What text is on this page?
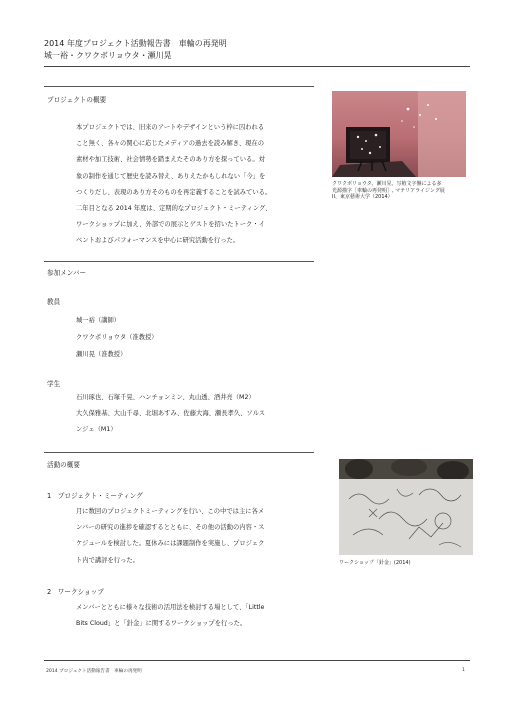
2014 年度プロジェクト活動報告書　車輪の再発明
城一裕・クワクボリョウタ・瀬川晃
プロジェクトの概要
本プロジェクトでは、旧来のアートやデザインという枠に囚われる
こと無く、各々の関心に応じたメディアの過去を読み解き、現在の
素材や加工技術、社会情勢を踏まえたそのあり方を探っている。対
象の制作を通じて歴史を読み替え、ありえたかもしれない「今」を
つくりだし、表現のあり方そのものを再定義することを試みている。
二年目となる 2014 年度は、定期的なプロジェクト・ミーティング、
ワークショップに加え、外部での展示とゲストを招いたトーク・イ
ベントおよびパフォーマンスを中心に研究活動を行った。
クワクボリョウタ、瀬川晃、写植文字盤による多
光源描字［車輪の再発明］, マテリアライジング展
II、東京藝術大学（2014）
参加メンバー
教員
城一裕（講師）
クワクボリョウタ（准教授）
瀬川晃（准教授）
学生
石川琢也、石塚千晃、ハンチョンミン、丸山透、酒井亮（M2）
大久保雅基、大山千尋、北堀あすみ、佐藤大海、瀬長孝久、ソルス
ンジェ（M1）
活動の概要
1　プロジェクト・ミーティング
月に数回のプロジェクトミーティングを行い、この中では主に各メ
ンバーの研究の進捗を確認するとともに、その他の活動の内容・ス
ケジュールを検討した。夏休みには課題制作を実施し、プロジェク
ト内で講評を行った。
2　ワークショップ
メンバーとともに様々な技術の活用法を検討する場として、「Little
Bits Cloud」と「針金」に関するワークショップを行った。
ワークショップ「針金」(2014)
2014 プロジェクト活動報告書　車輪の再発明	1
